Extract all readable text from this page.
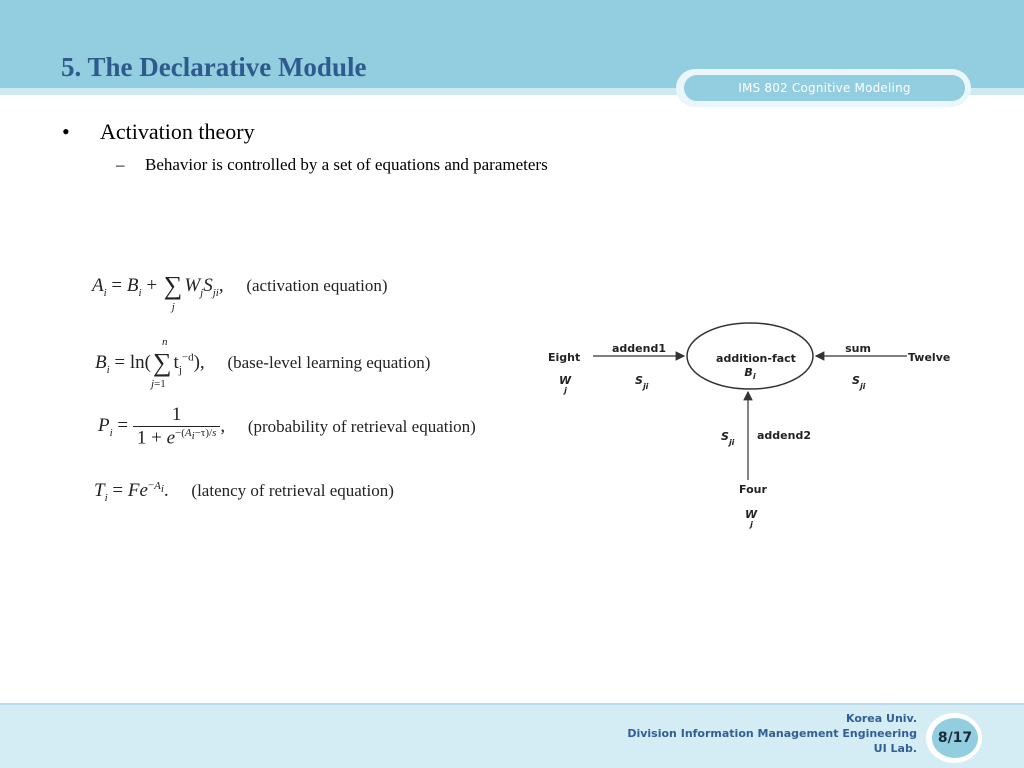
5. The Declarative Module
IMS 802 Cognitive Modeling
• Activation theory
– Behavior is controlled by a set of equations and parameters
$A_i = B_i$ + ∑
j
$W_jS_{ji}$, (activation equation)
$B_i = \ln(\sum$
n
j=1
$t_j^{-d}$), (base-level learning equation)
$P_i = \frac{1}{1 + e^{-(A_i-\tau)/s}}$ , (probability of retrieval equation)
$T_i = Fe^{-A_i}$. (latency of retrieval equation)
addition-fact
$B_i$
Eight	Twelve
Four
addend1	sum
addend2
W j
W j
$S_{ji}$	$S_{ji}$
$S_{ji}$
Korea Univ.
Division Information Management Engineering
UI Lab.
8/17
